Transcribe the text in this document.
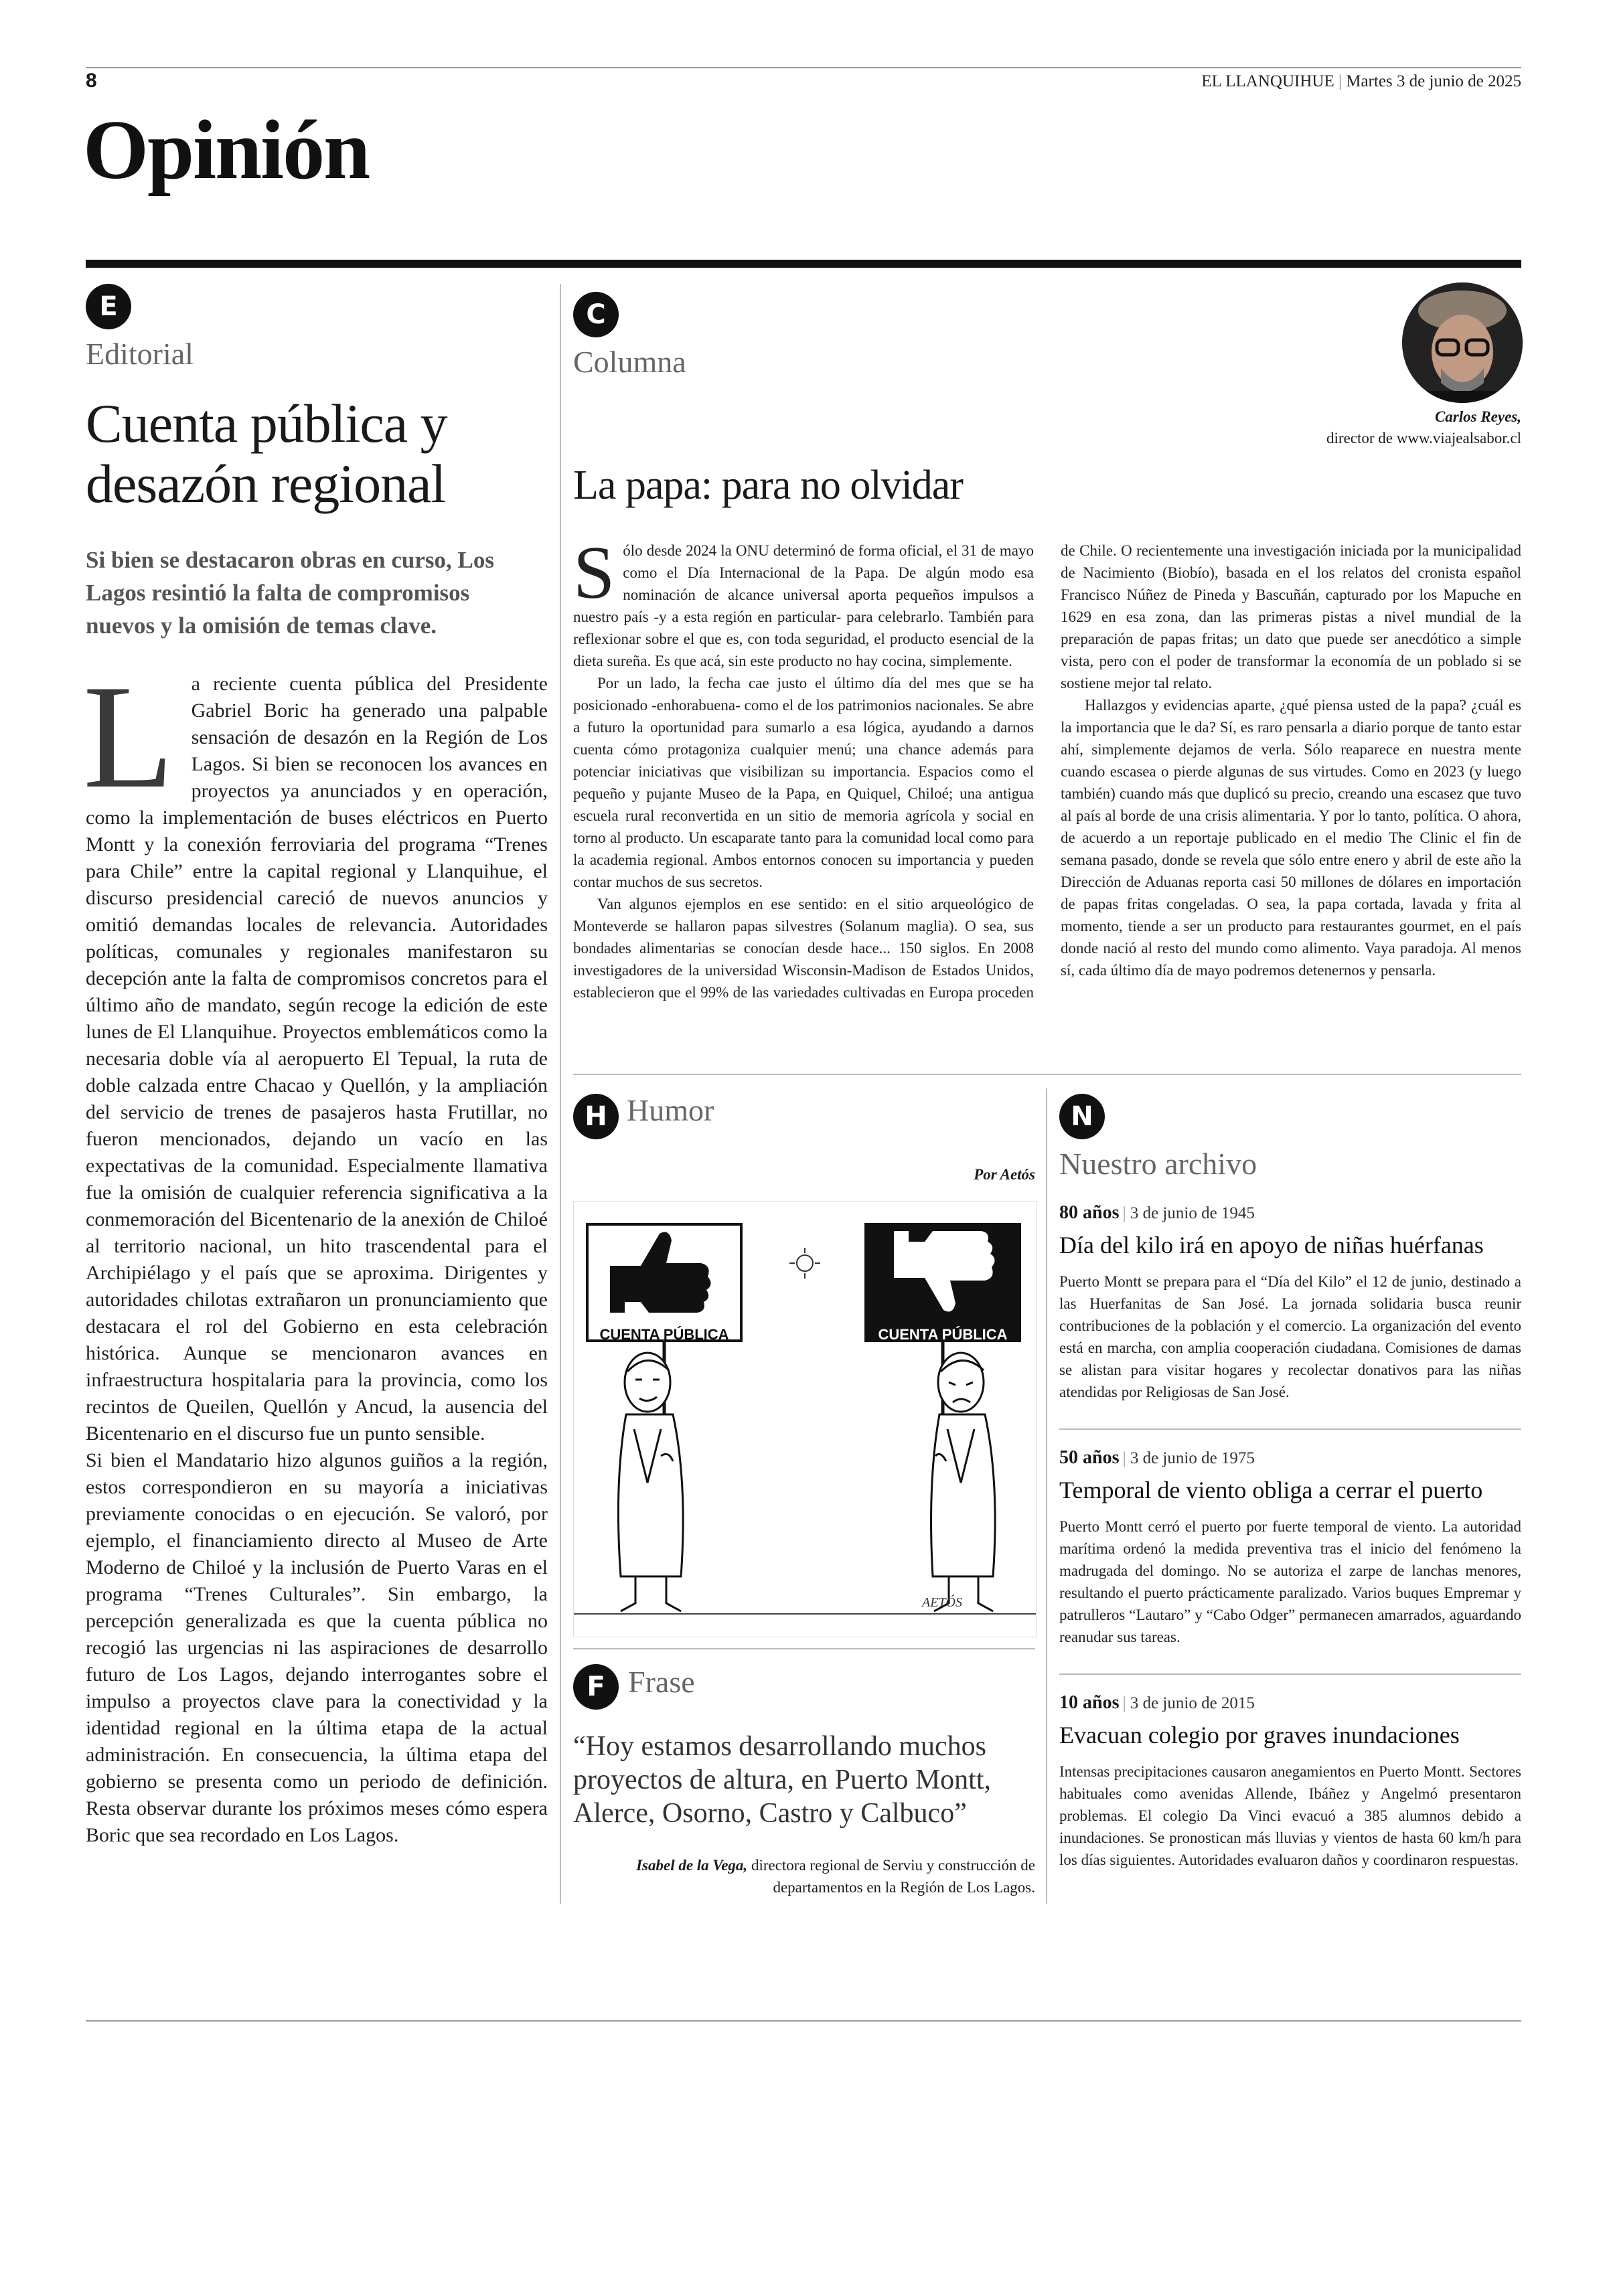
8	EL LLANQUIHUE | Martes 3 de junio de 2025
Opinión
E
Editorial
Cuenta pública y
desazón regional
Si bien se destacaron obras en curso, Los Lagos resintió la falta de compromisos nuevos y la omisión de temas clave.

La reciente cuenta pública del Presidente Gabriel Boric ha generado una palpable sensación de desazón en la Región de Los Lagos. Si bien se reconocen los avances en proyectos ya anunciados y en operación, como la implementación de buses eléctricos en Puerto Montt y la conexión ferroviaria del programa “Trenes para Chile” entre la capital regional y Llanquihue, el discurso presidencial careció de nuevos anuncios y omitió demandas locales de relevancia. Autoridades políticas, comunales y regionales manifestaron su decepción ante la falta de compromisos concretos para el último año de mandato, según recoge la edición de este lunes de El Llanquihue. Proyectos emblemáticos como la necesaria doble vía al aeropuerto El Tepual, la ruta de doble calzada entre Chacao y Quellón, y la ampliación del servicio de trenes de pasajeros hasta Frutillar, no fueron mencionados, dejando un vacío en las expectativas de la comunidad. Especialmente llamativa fue la omisión de cualquier referencia significativa a la conmemoración del Bicentenario de la anexión de Chiloé al territorio nacional, un hito trascendental para el Archipiélago y el país que se aproxima. Dirigentes y autoridades chilotas extrañaron un pronunciamiento que destacara el rol del Gobierno en esta celebración histórica. Aunque se mencionaron avances en infraestructura hospitalaria para la provincia, como los recintos de Queilen, Quellón y Ancud, la ausencia del Bicentenario en el discurso fue un punto sensible.

Si bien el Mandatario hizo algunos guiños a la región, estos correspondieron en su mayoría a iniciativas previamente conocidas o en ejecución. Se valoró, por ejemplo, el financiamiento directo al Museo de Arte Moderno de Chiloé y la inclusión de Puerto Varas en el programa “Trenes Culturales”. Sin embargo, la percepción generalizada es que la cuenta pública no recogió las urgencias ni las aspiraciones de desarrollo futuro de Los Lagos, dejando interrogantes sobre el impulso a proyectos clave para la conectividad y la identidad regional en la última etapa de la actual administración. En consecuencia, la última etapa del gobierno se presenta como un periodo de definición. Resta observar durante los próximos meses cómo espera Boric que sea recordado en Los Lagos.

C
Columna
Carlos Reyes,
director de www.viajealsabor.cl
La papa: para no olvidar

Sólo desde 2024 la ONU determinó de forma oficial, el 31 de mayo como el Día Internacional de la Papa. De algún modo esa nominación de alcance universal aporta pequeños impulsos a nuestro país -y a esta región en particular- para celebrarlo. También para reflexionar sobre el que es, con toda seguridad, el producto esencial de la dieta sureña. Es que acá, sin este producto no hay cocina, simplemente.

Por un lado, la fecha cae justo el último día del mes que se ha posicionado -enhorabuena- como el de los patrimonios nacionales. Se abre a futuro la oportunidad para sumarlo a esa lógica, ayudando a darnos cuenta cómo protagoniza cualquier menú; una chance además para potenciar iniciativas que visibilizan su importancia. Espacios como el pequeño y pujante Museo de la Papa, en Quiquel, Chiloé; una antigua escuela rural reconvertida en un sitio de memoria agrícola y social en torno al producto. Un escaparate tanto para la comunidad local como para la academia regional. Ambos entornos conocen su importancia y pueden contar muchos de sus secretos.

Van algunos ejemplos en ese sentido: en el sitio arqueológico de Monteverde se hallaron papas silvestres (Solanum maglia). O sea, sus bondades alimentarias se conocían desde hace... 150 siglos. En 2008 investigadores de la universidad Wisconsin-Madison de Estados Unidos, establecieron que el 99% de las variedades cultivadas en Europa proceden de Chile. O recientemente una investigación iniciada por la municipalidad de Nacimiento (Biobío), basada en el los relatos del cronista español Francisco Núñez de Pineda y Bascuñán, capturado por los Mapuche en 1629 en esa zona, dan las primeras pistas a nivel mundial de la preparación de papas fritas; un dato que puede ser anecdótico a simple vista, pero con el poder de transformar la economía de un poblado si se sostiene mejor tal relato.

Hallazgos y evidencias aparte, ¿qué piensa usted de la papa? ¿cuál es la importancia que le da? Sí, es raro pensarla a diario porque de tanto estar ahí, simplemente dejamos de verla. Sólo reaparece en nuestra mente cuando escasea o pierde algunas de sus virtudes. Como en 2023 (y luego también) cuando más que duplicó su precio, creando una escasez que tuvo al país al borde de una crisis alimentaria. Y por lo tanto, política. O ahora, de acuerdo a un reportaje publicado en el medio The Clinic el fin de semana pasado, donde se revela que sólo entre enero y abril de este año la Dirección de Aduanas reporta casi 50 millones de dólares en importación de papas fritas congeladas. O sea, la papa cortada, lavada y frita al momento, tiende a ser un producto para restaurantes gourmet, en el país donde nació al resto del mundo como alimento. Vaya paradoja. Al menos sí, cada último día de mayo podremos detenernos y pensarla.

H Humor
Por Aetós
CUENTA PÚBLICA	CUENTA PÚBLICA
AETÓS
F Frase
“Hoy estamos desarrollando muchos proyectos de altura, en Puerto Montt, Alerce, Osorno, Castro y Calbuco”
Isabel de la Vega, directora regional de Serviu y construcción de departamentos en la Región de Los Lagos.
N
Nuestro archivo
80 años | 3 de junio de 1945
Día del kilo irá en apoyo de niñas huérfanas
Puerto Montt se prepara para el “Día del Kilo” el 12 de junio, destinado a las Huerfanitas de San José. La jornada solidaria busca reunir contribuciones de la población y el comercio. La organización del evento está en marcha, con amplia cooperación ciudadana. Comisiones de damas se alistan para visitar hogares y recolectar donativos para las niñas atendidas por Religiosas de San José.
50 años | 3 de junio de 1975
Temporal de viento obliga a cerrar el puerto
Puerto Montt cerró el puerto por fuerte temporal de viento. La autoridad marítima ordenó la medida preventiva tras el inicio del fenómeno la madrugada del domingo. No se autoriza el zarpe de lanchas menores, resultando el puerto prácticamente paralizado. Varios buques Empremar y patrulleros “Lautaro” y “Cabo Odger” permanecen amarrados, aguardando reanudar sus tareas.
10 años | 3 de junio de 2015
Evacuan colegio por graves inundaciones
Intensas precipitaciones causaron anegamientos en Puerto Montt. Sectores habituales como avenidas Allende, Ibáñez y Angelmó presentaron problemas. El colegio Da Vinci evacuó a 385 alumnos debido a inundaciones. Se pronostican más lluvias y vientos de hasta 60 km/h para los días siguientes. Autoridades evaluaron daños y coordinaron respuestas.
